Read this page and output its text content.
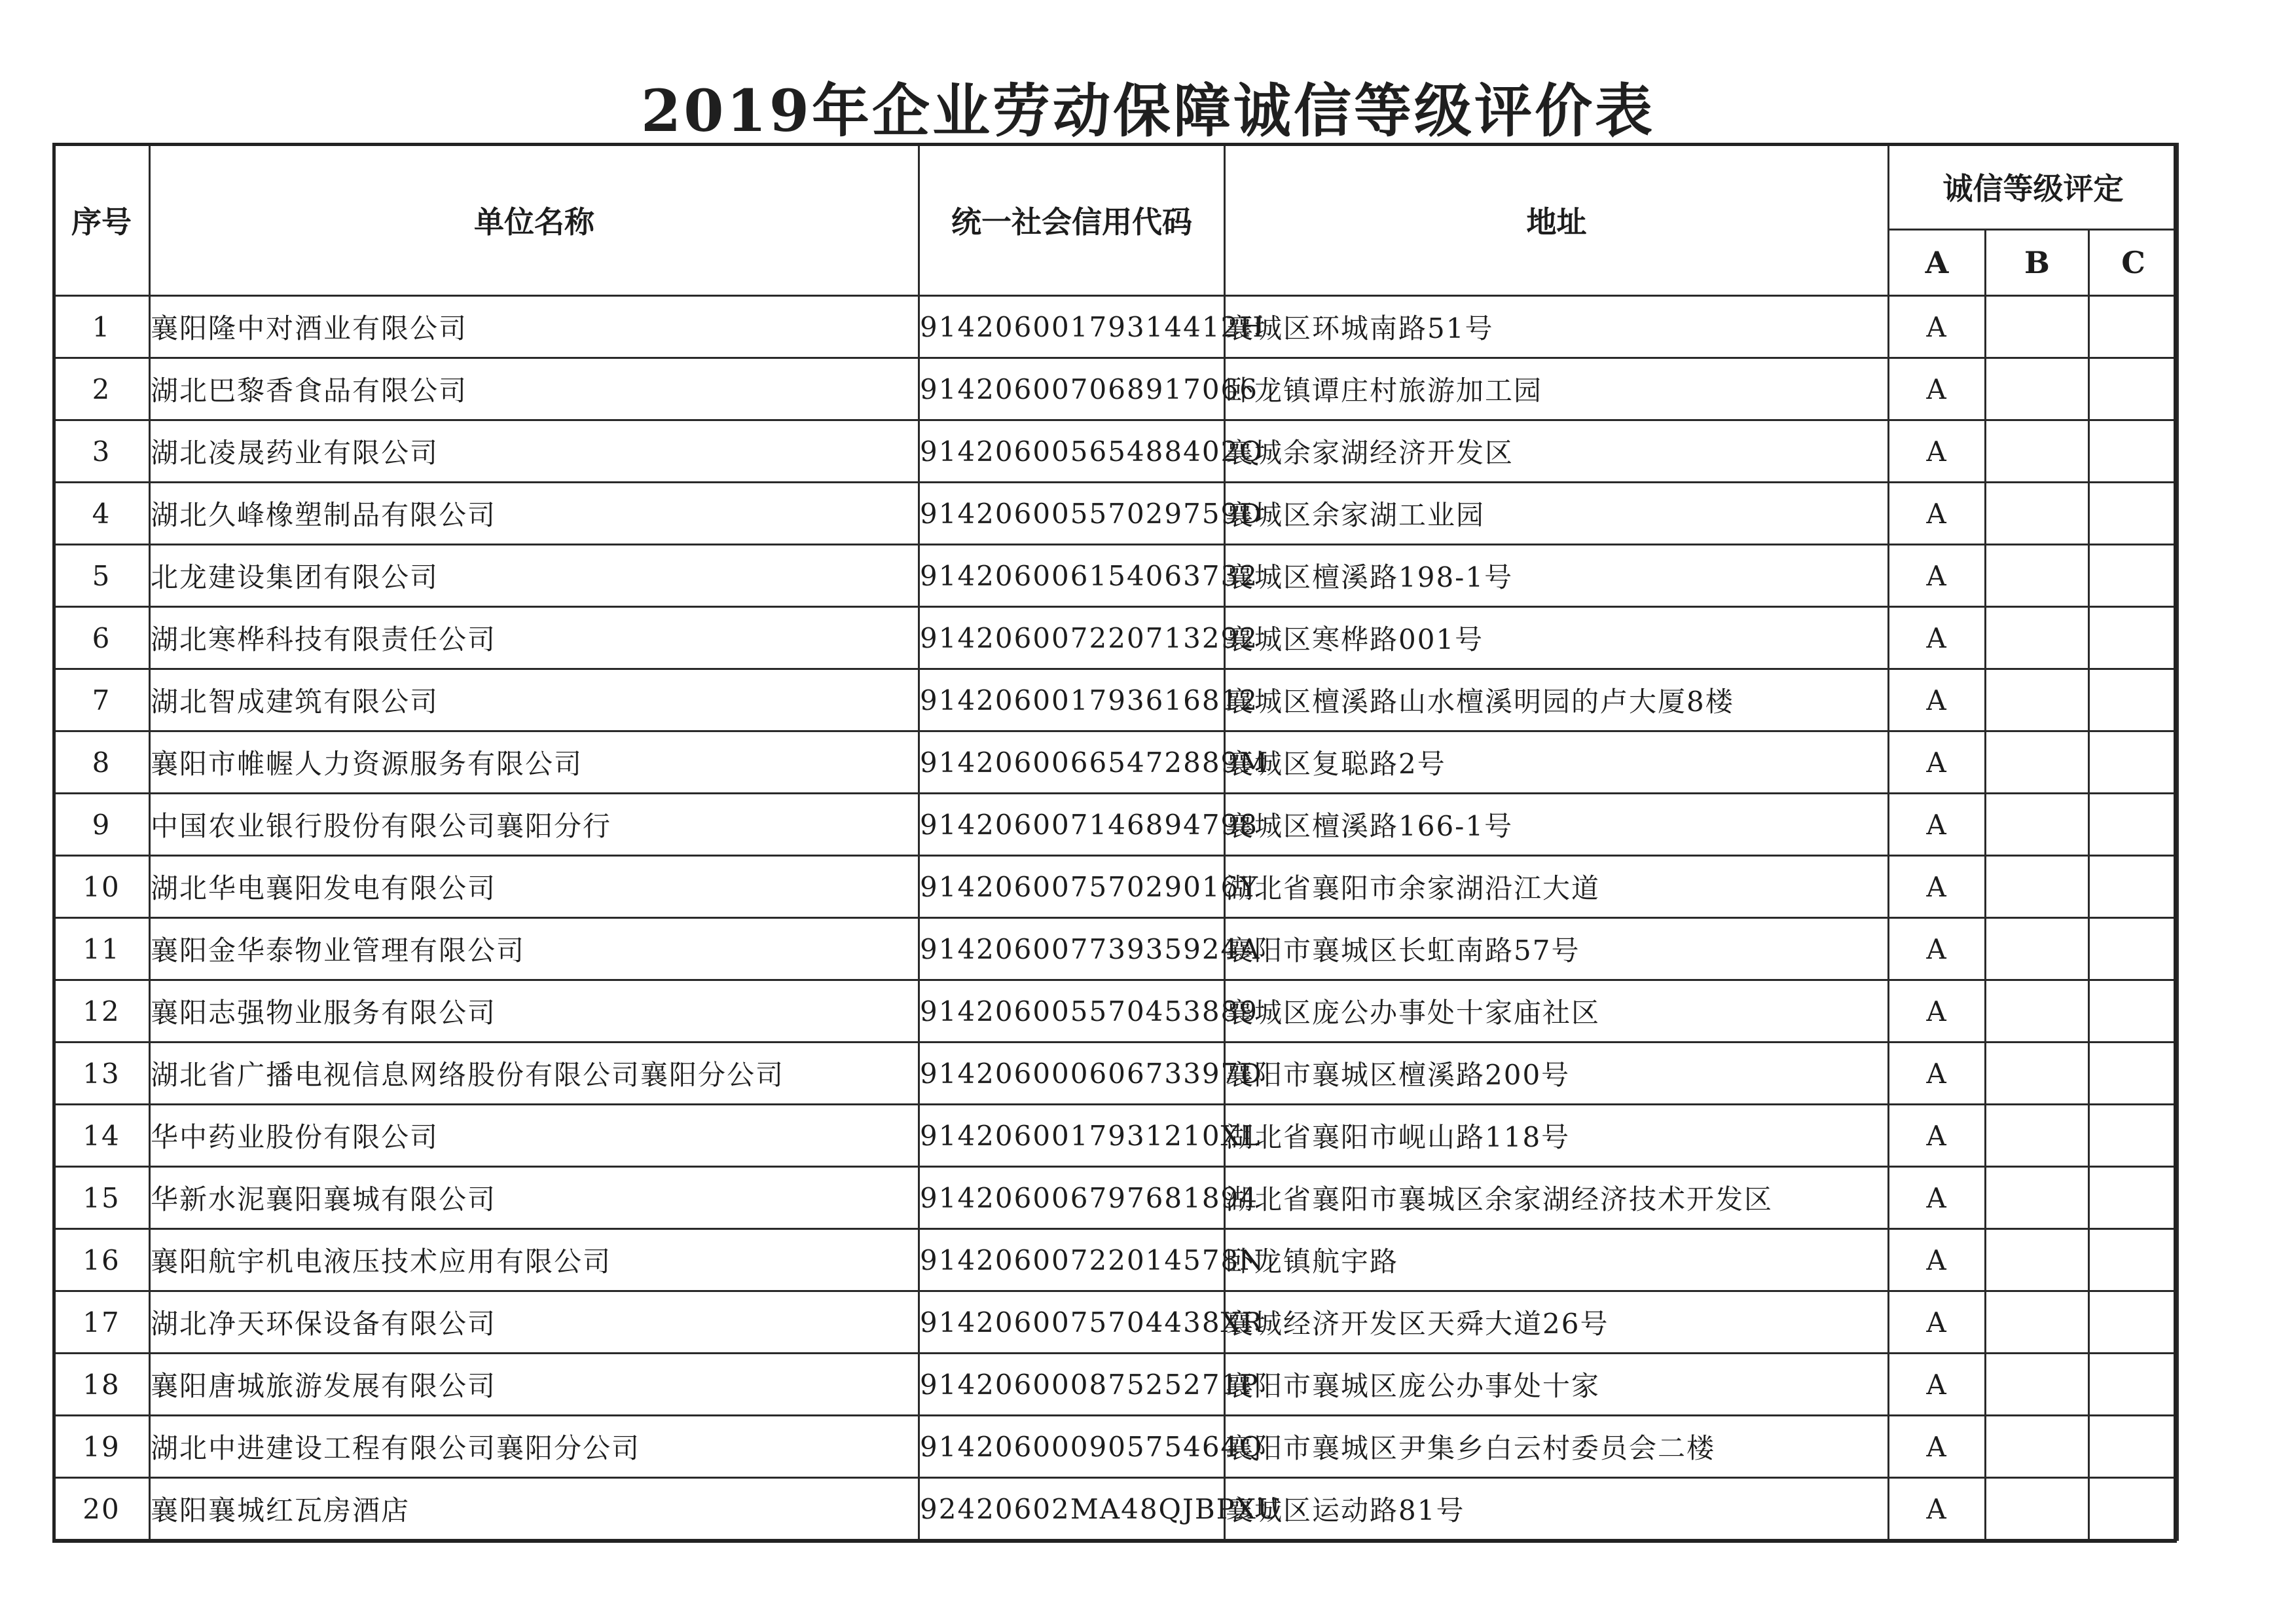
2019年企业劳动保障诚信等级评价表
序号	单位名称	统一社会信用代码	地址	诚信等级评定		
				A	B	C
1	襄阳隆中对酒业有限公司	91420600179314412H	襄城区环城南路51号	A		
2	湖北巴黎香食品有限公司	914206007068917066	卧龙镇谭庄村旅游加工园	A		
3	湖北凌晟药业有限公司	91420600565488402Q	襄城余家湖经济开发区	A		
4	湖北久峰橡塑制品有限公司	91420600557029759D	襄城区余家湖工业园	A		
5	北龙建设集团有限公司	914206006154063732	襄城区檀溪路198-1号	A		
6	湖北寒桦科技有限责任公司	914206007220713292	襄城区寒桦路001号	A		
7	湖北智成建筑有限公司	914206001793616812	襄城区檀溪路山水檀溪明园的卢大厦8楼	A		
8	襄阳市帷幄人力资源服务有限公司	91420600665472889M	襄城区复聪路2号	A		
9	中国农业银行股份有限公司襄阳分行	914206007146894798	襄城区檀溪路166-1号	A		
10	湖北华电襄阳发电有限公司	91420600757029016Y	湖北省襄阳市余家湖沿江大道	A		
11	襄阳金华泰物业管理有限公司	91420600773935924A	襄阳市襄城区长虹南路57号	A		
12	襄阳志强物业服务有限公司	914206005570453889	襄城区庞公办事处十家庙社区	A		
13	湖北省广播电视信息网络股份有限公司襄阳分公司	91420600060673397D	襄阳市襄城区檀溪路200号	A		
14	华中药业股份有限公司	9142060017931210XL	湖北省襄阳市岘山路118号	A		
15	华新水泥襄阳襄城有限公司	914206006797681894	湖北省襄阳市襄城区余家湖经济技术开发区	A		
16	襄阳航宇机电液压技术应用有限公司	91420600722014578N	卧龙镇航宇路	A		
17	湖北净天环保设备有限公司	9142060075704438XR	襄城经济开发区天舜大道26号	A		
18	襄阳唐城旅游发展有限公司	91420600087525271P	襄阳市襄城区庞公办事处十家	A		
19	湖北中进建设工程有限公司襄阳分公司	91420600090575464Q	襄阳市襄城区尹集乡白云村委员会二楼	A		
20	襄阳襄城红瓦房酒店	92420602MA48QJBPXU	襄城区运动路81号	A		
